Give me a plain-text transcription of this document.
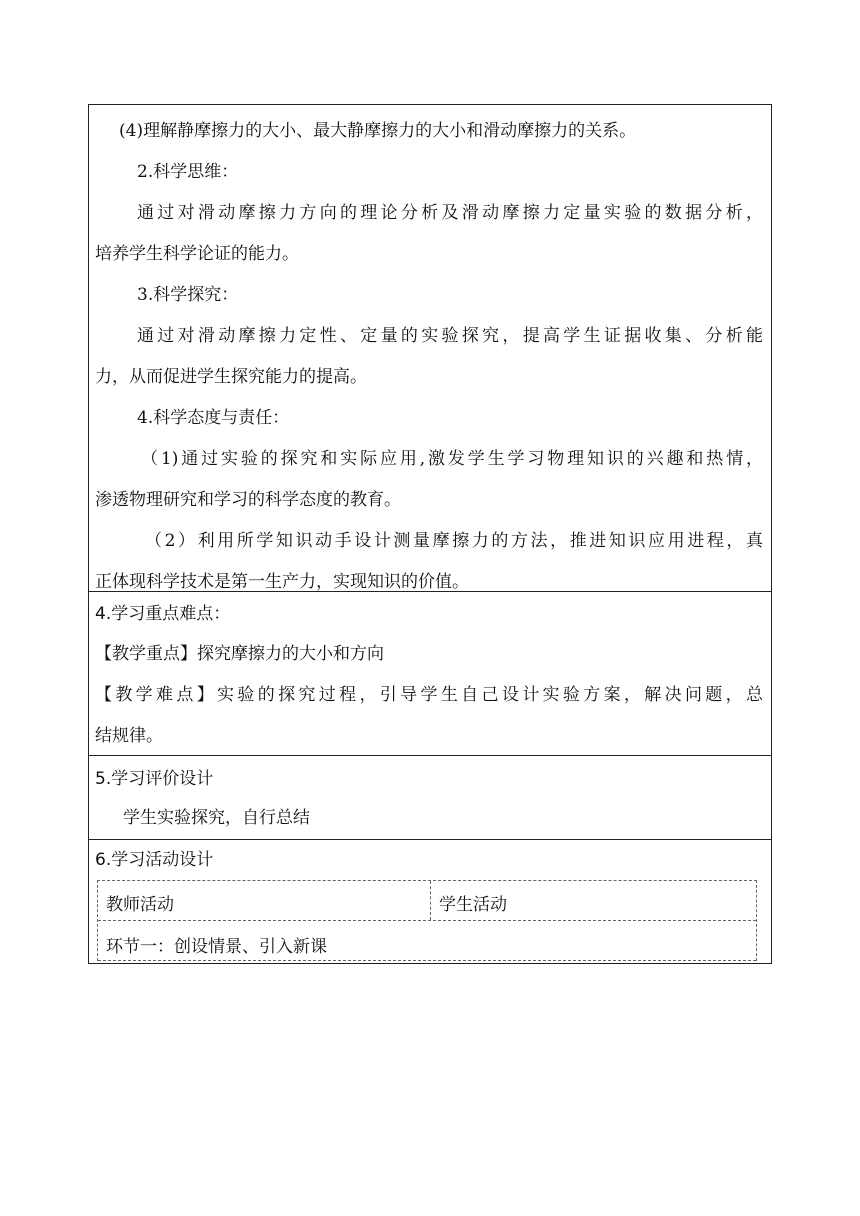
(4)理解静摩擦力的大小、最大静摩擦力的大小和滑动摩擦力的关系。

2.科学思维：

通过对滑动摩擦力方向的理论分析及滑动摩擦力定量实验的数据分析，

培养学生科学论证的能力。

3.科学探究：

通过对滑动摩擦力定性、定量的实验探究，提高学生证据收集、分析能

力，从而促进学生探究能力的提高。

4.科学态度与责任：

（1)通过实验的探究和实际应用,激发学生学习物理知识的兴趣和热情，

渗透物理研究和学习的科学态度的教育。

（2）利用所学知识动手设计测量摩擦力的方法，推进知识应用进程，真

正体现科学技术是第一生产力，实现知识的价值。

4.学习重点难点：

【教学重点】探究摩擦力的大小和方向

【教学难点】实验的探究过程，引导学生自己设计实验方案，解决问题，总

结规律。

5.学习评价设计

学生实验探究，自行总结

6.学习活动设计

教师活动	学生活动
环节一：创设情景、引入新课
